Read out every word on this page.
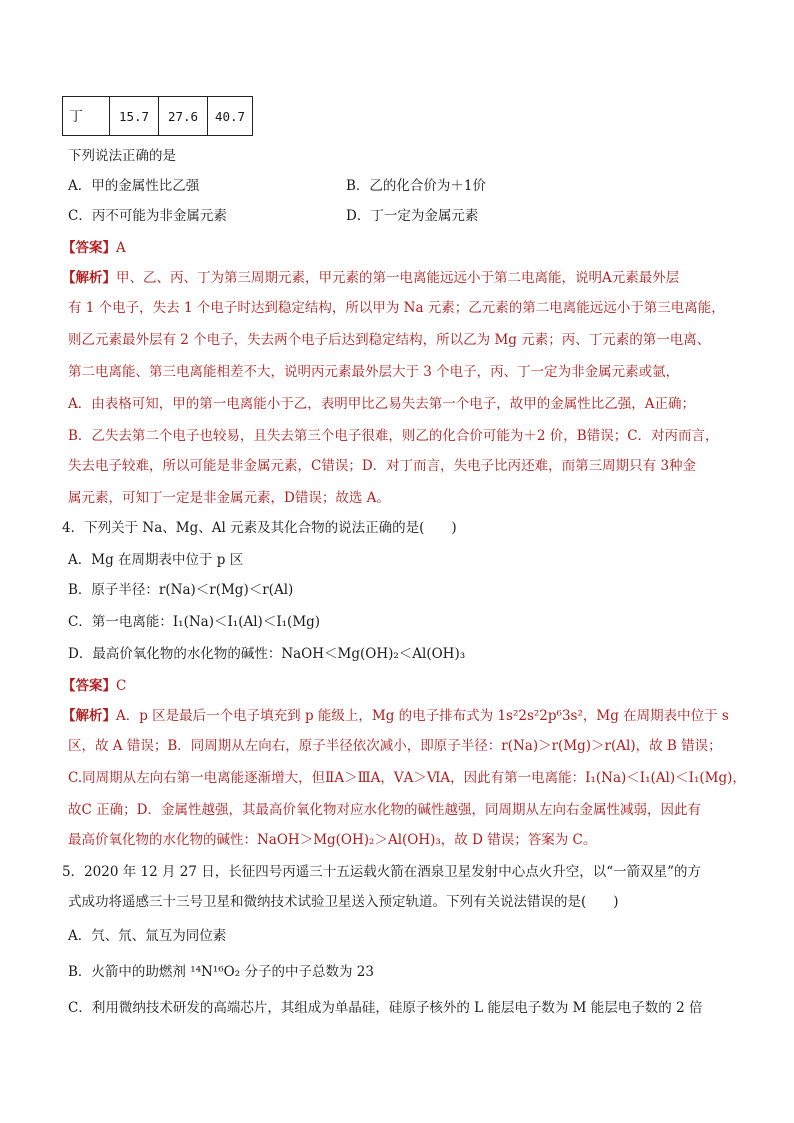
丁	15.7	27.6	40.7
下列说法正确的是
A．甲的金属性比乙强	B．乙的化合价为＋1价
C．丙不可能为非金属元素	D．丁一定为金属元素
【答案】A
【解析】甲、乙、丙、丁为第三周期元素，甲元素的第一电离能远远小于第二电离能，说明A元素最外层
有 1 个电子，失去 1 个电子时达到稳定结构，所以甲为 Na 元素；乙元素的第二电离能远远小于第三电离能，
则乙元素最外层有 2 个电子，失去两个电子后达到稳定结构，所以乙为 Mg 元素；丙、丁元素的第一电离、
第二电离能、第三电离能相差不大，说明丙元素最外层大于 3 个电子，丙、丁一定为非金属元素或氩，
A．由表格可知，甲的第一电离能小于乙，表明甲比乙易失去第一个电子，故甲的金属性比乙强，A正确；
B．乙失去第二个电子也较易，且失去第三个电子很难，则乙的化合价可能为＋2 价，B错误；C．对丙而言，
失去电子较难，所以可能是非金属元素，C错误；D．对丁而言，失电子比丙还难，而第三周期只有 3种金
属元素，可知丁一定是非金属元素，D错误；故选 A。
4．下列关于 Na、Mg、Al 元素及其化合物的说法正确的是(　　)
A．Mg 在周期表中位于 p 区
B．原子半径：r(Na)＜r(Mg)＜r(Al)
C．第一电离能：I₁(Na)＜I₁(Al)＜I₁(Mg)
D．最高价氧化物的水化物的碱性：NaOH＜Mg(OH)₂＜Al(OH)₃
【答案】C
【解析】A．p 区是最后一个电子填充到 p 能级上，Mg 的电子排布式为 1s²2s²2p⁶3s²，Mg 在周期表中位于 s
区，故 A 错误；B．同周期从左向右，原子半径依次减小，即原子半径：r(Na)＞r(Mg)＞r(Al)，故 B 错误；
C.同周期从左向右第一电离能逐渐增大，但ⅡA＞ⅢA，ⅤA＞ⅥA，因此有第一电离能：I₁(Na)＜I₁(Al)＜I₁(Mg)，
故C 正确；D．金属性越强，其最高价氧化物对应水化物的碱性越强，同周期从左向右金属性减弱，因此有
最高价氧化物的水化物的碱性：NaOH＞Mg(OH)₂＞Al(OH)₃，故 D 错误；答案为 C。
5．2020 年 12 月 27 日，长征四号丙遥三十五运载火箭在酒泉卫星发射中心点火升空，以“一箭双星”的方
式成功将遥感三十三号卫星和微纳技术试验卫星送入预定轨道。下列有关说法错误的是(　　)
A．氕、氘、氚互为同位素
B．火箭中的助燃剂 ¹⁴N¹⁶O₂ 分子的中子总数为 23
C．利用微纳技术研发的高端芯片，其组成为单晶硅，硅原子核外的 L 能层电子数为 M 能层电子数的 2 倍
